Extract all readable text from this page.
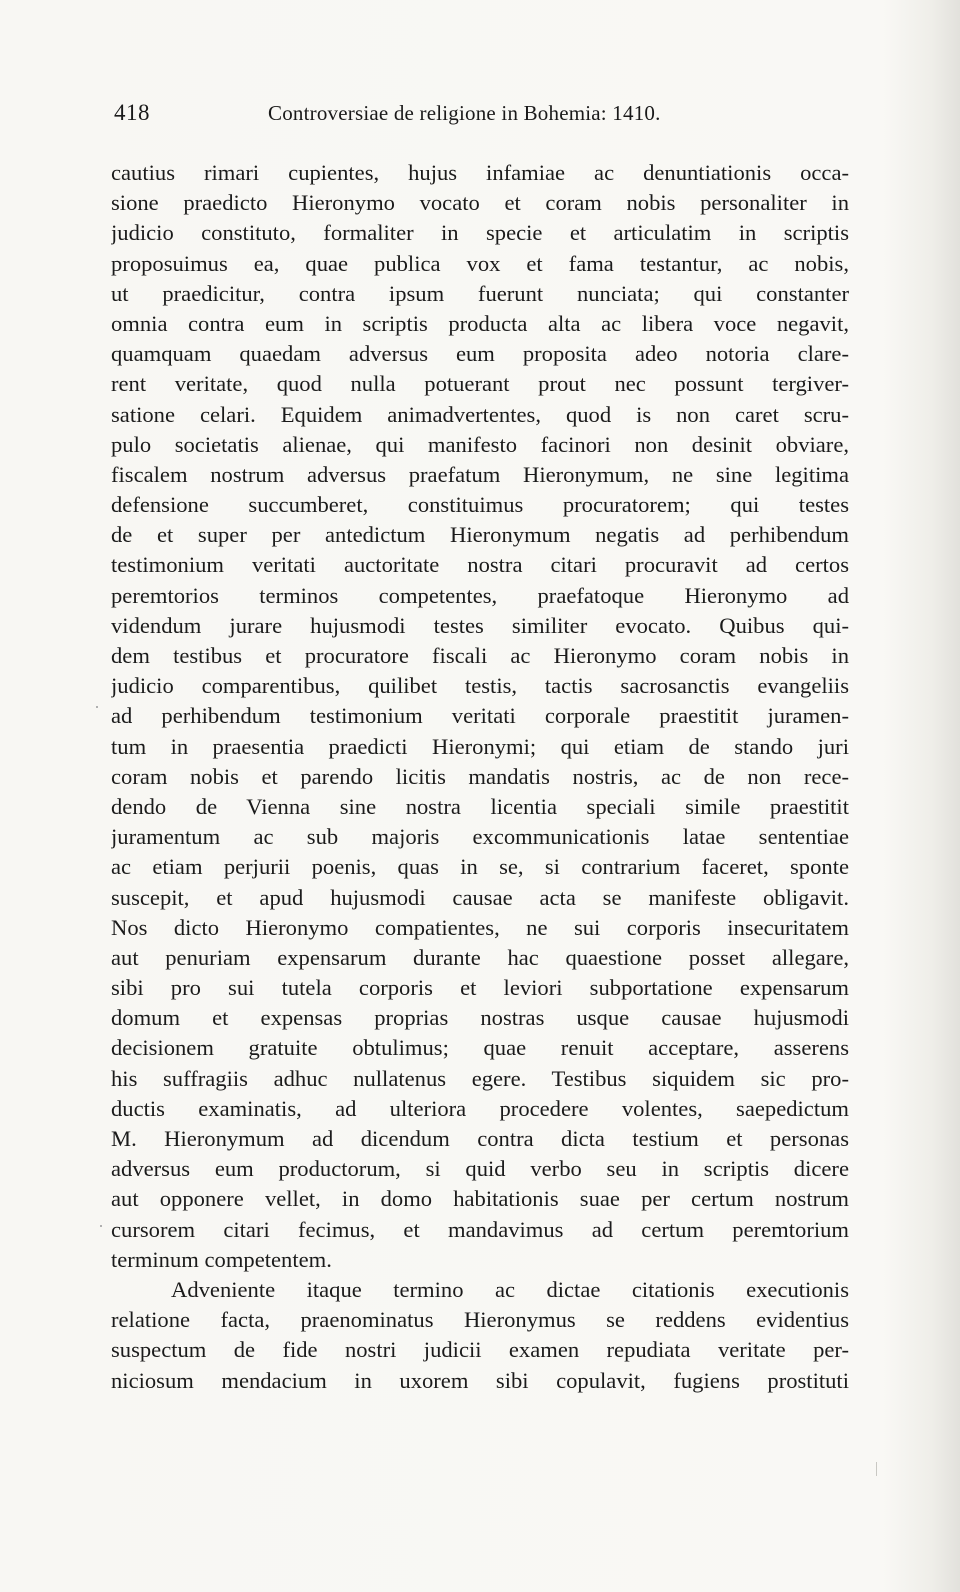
418	Controversiae de religione in Bohemia: 1410.
cautius rimari cupientes, hujus infamiae ac denuntiationis occa-
sione praedicto Hieronymo vocato et coram nobis personaliter in
judicio constituto, formaliter in specie et articulatim in scriptis
proposuimus ea, quae publica vox et fama testantur, ac nobis,
ut praedicitur, contra ipsum fuerunt nunciata; qui constanter
omnia contra eum in scriptis producta alta ac libera voce negavit,
quamquam quaedam adversus eum proposita adeo notoria clare-
rent veritate, quod nulla potuerant prout nec possunt tergiver-
satione celari. Equidem animadvertentes, quod is non caret scru-
pulo societatis alienae, qui manifesto facinori non desinit obviare,
fiscalem nostrum adversus praefatum Hieronymum, ne sine legitima
defensione succumberet, constituimus procuratorem; qui testes
de et super per antedictum Hieronymum negatis ad perhibendum
testimonium veritati auctoritate nostra citari procuravit ad certos
peremtorios terminos competentes, praefatoque Hieronymo ad
videndum jurare hujusmodi testes similiter evocato. Quibus qui-
dem testibus et procuratore fiscali ac Hieronymo coram nobis in
judicio comparentibus, quilibet testis, tactis sacrosanctis evangeliis
ad perhibendum testimonium veritati corporale praestitit juramen-
tum in praesentia praedicti Hieronymi; qui etiam de stando juri
coram nobis et parendo licitis mandatis nostris, ac de non rece-
dendo de Vienna sine nostra licentia speciali simile praestitit
juramentum ac sub majoris excommunicationis latae sententiae
ac etiam perjurii poenis, quas in se, si contrarium faceret, sponte
suscepit, et apud hujusmodi causae acta se manifeste obligavit.
Nos dicto Hieronymo compatientes, ne sui corporis insecuritatem
aut penuriam expensarum durante hac quaestione posset allegare,
sibi pro sui tutela corporis et leviori subportatione expensarum
domum et expensas proprias nostras usque causae hujusmodi
decisionem gratuite obtulimus; quae renuit acceptare, asserens
his suffragiis adhuc nullatenus egere. Testibus siquidem sic pro-
ductis examinatis, ad ulteriora procedere volentes, saepedictum
M. Hieronymum ad dicendum contra dicta testium et personas
adversus eum productorum, si quid verbo seu in scriptis dicere
aut opponere vellet, in domo habitationis suae per certum nostrum
cursorem citari fecimus, et mandavimus ad certum peremtorium
terminum competentem.
Adveniente itaque termino ac dictae citationis executionis
relatione facta, praenominatus Hieronymus se reddens evidentius
suspectum de fide nostri judicii examen repudiata veritate per-
niciosum mendacium in uxorem sibi copulavit, fugiens prostituti
